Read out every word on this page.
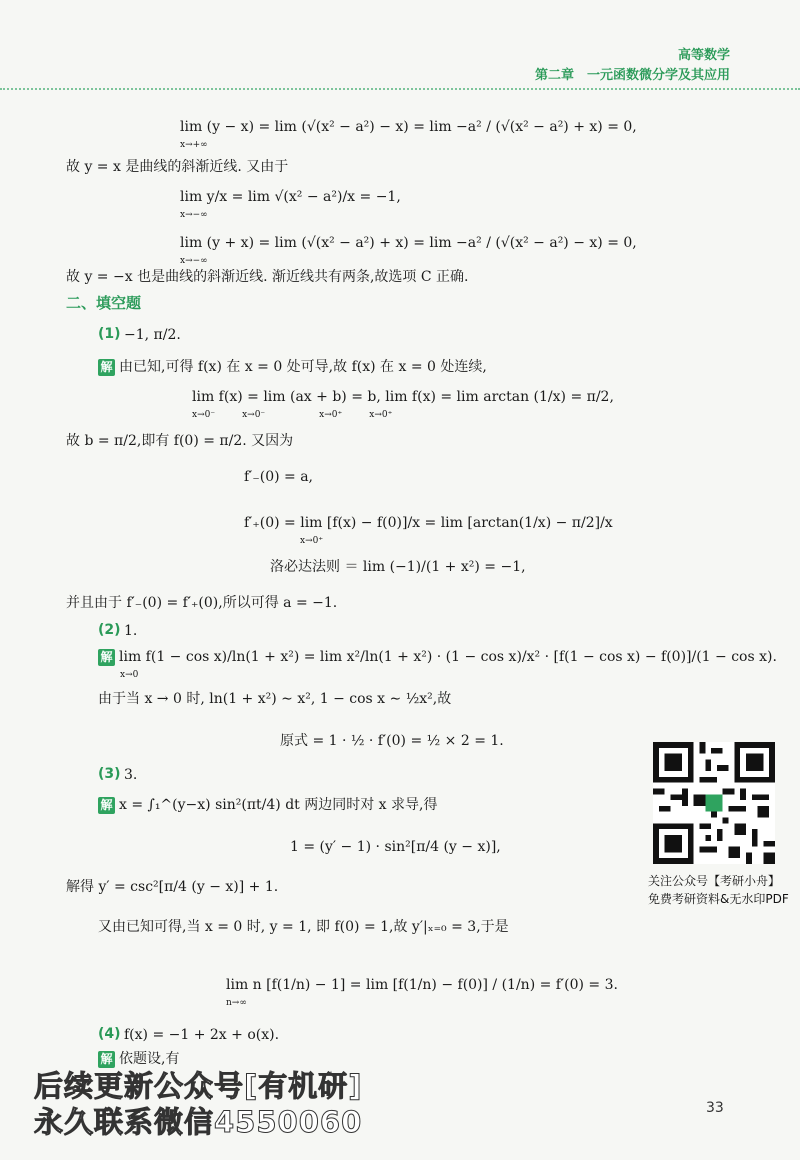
高等数学
第二章　一元函数微分学及其应用
lim (y − x) = lim (√(x² − a²) − x) = lim −a² / (√(x² − a²) + x) = 0,
x→+∞
故 y = x 是曲线的斜渐近线. 又由于
lim y/x = lim √(x² − a²)/x = −1,
x→−∞
lim (y + x) = lim (√(x² − a²) + x) = lim −a² / (√(x² − a²) − x) = 0,
x→−∞
故 y = −x 也是曲线的斜渐近线. 渐近线共有两条,故选项 C 正确.
二、填空题
(1) −1, π/2.
解 由已知,可得 f(x) 在 x = 0 处可导,故 f(x) 在 x = 0 处连续,
lim f(x) = lim (ax + b) = b, lim f(x) = lim arctan (1/x) = π/2,
x→0⁻　　　x→0⁻　　　　　　x→0⁺　　　x→0⁺
故 b = π/2,即有 f(0) = π/2. 又因为
f′₋(0) = a,
f′₊(0) = lim [f(x) − f(0)]/x = lim [arctan(1/x) − π/2]/x
x→0⁺
洛必达法则 ＝ lim (−1)/(1 + x²) = −1,
并且由于 f′₋(0) = f′₊(0),所以可得 a = −1.
(2) 1.
解 lim f(1 − cos x)/ln(1 + x²) = lim x²/ln(1 + x²) · (1 − cos x)/x² · [f(1 − cos x) − f(0)]/(1 − cos x).
x→0
由于当 x → 0 时, ln(1 + x²) ∼ x², 1 − cos x ∼ ½x²,故
原式 = 1 · ½ · f′(0) = ½ × 2 = 1.
(3) 3.
解 x = ∫₁^(y−x) sin²(πt/4) dt 两边同时对 x 求导,得
1 = (y′ − 1) · sin²[π/4 (y − x)],
解得 y′ = csc²[π/4 (y − x)] + 1.
又由已知可得,当 x = 0 时, y = 1, 即 f(0) = 1,故 y′|ₓ₌₀ = 3,于是
lim n [f(1/n) − 1] = lim [f(1/n) − f(0)] / (1/n) = f′(0) = 3.
n→∞
(4) f(x) = −1 + 2x + o(x).
解 依题设,有
关注公众号【考研小舟】
免费考研资料&无水印PDF
后续更新公众号[有机研]
永久联系微信4550060	33
